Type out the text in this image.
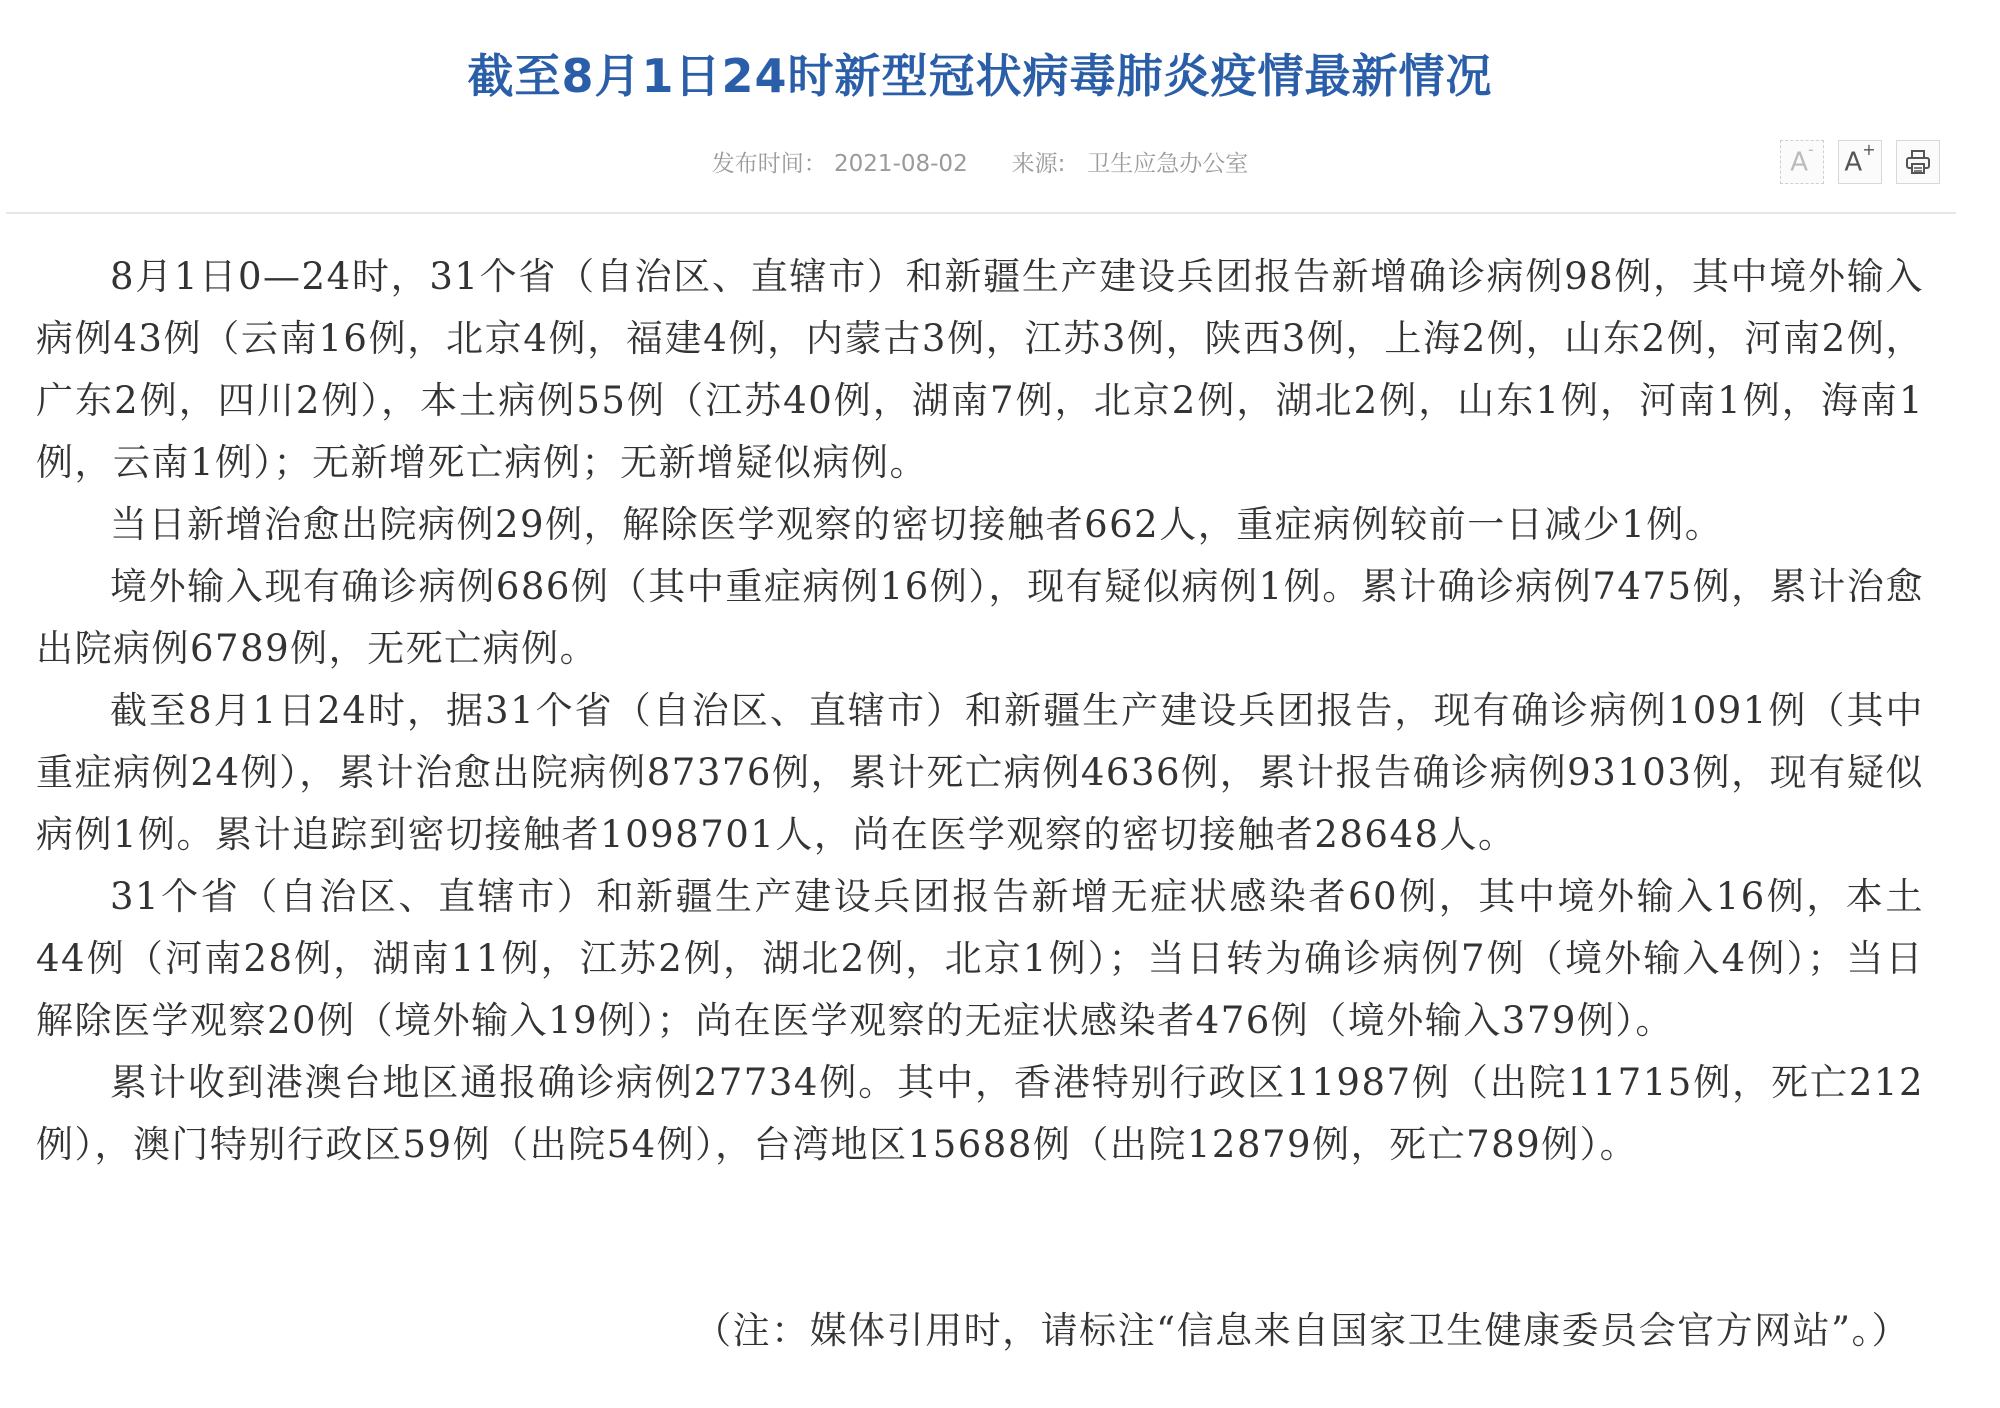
截至8月1日24时新型冠状病毒肺炎疫情最新情况
发布时间： 2021-08-02 来源: 卫生应急办公室	A- A+

8月1日0—24时，31个省（自治区、直辖市）和新疆生产建设兵团报告新增确诊病例98例，其中境外输入病例43例（云南16例，北京4例，福建4例，内蒙古3例，江苏3例，陕西3例，上海2例，山东2例，河南2例，广东2例，四川2例），本土病例55例（江苏40例，湖南7例，北京2例，湖北2例，山东1例，河南1例，海南1例，云南1例）；无新增死亡病例；无新增疑似病例。

当日新增治愈出院病例29例，解除医学观察的密切接触者662人，重症病例较前一日减少1例。

境外输入现有确诊病例686例（其中重症病例16例），现有疑似病例1例。累计确诊病例7475例，累计治愈出院病例6789例，无死亡病例。

截至8月1日24时，据31个省（自治区、直辖市）和新疆生产建设兵团报告，现有确诊病例1091例（其中重症病例24例），累计治愈出院病例87376例，累计死亡病例4636例，累计报告确诊病例93103例，现有疑似病例1例。累计追踪到密切接触者1098701人，尚在医学观察的密切接触者28648人。

31个省（自治区、直辖市）和新疆生产建设兵团报告新增无症状感染者60例，其中境外输入16例，本土44例（河南28例，湖南11例，江苏2例，湖北2例，北京1例）；当日转为确诊病例7例（境外输入4例）；当日解除医学观察20例（境外输入19例）；尚在医学观察的无症状感染者476例（境外输入379例）。

累计收到港澳台地区通报确诊病例27734例。其中，香港特别行政区11987例（出院11715例，死亡212例），澳门特别行政区59例（出院54例），台湾地区15688例（出院12879例，死亡789例）。

（注：媒体引用时，请标注“信息来自国家卫生健康委员会官方网站”。）
